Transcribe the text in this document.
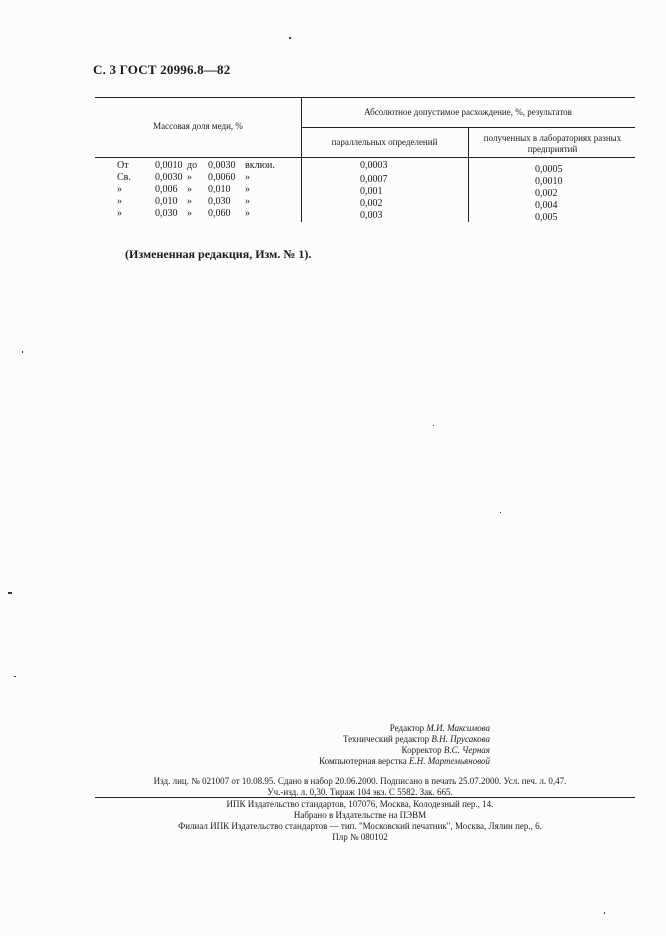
С. 3 ГОСТ 20996.8—82
Массовая доля меди, %
Абсолютное допустимое расхождение, %, результатов
параллельных определений	полученных в лабораториях разных предприятий
От	0,0010 до	0,0030 вклюи.	0,0003	0,0005
Св.	0,0030 »	0,0060 »	0,0007	0,0010
»	0,006 »	0,010	»	0,001	0,002
»	0,010 »	0,030	»	0,002	0,004
»	0,030 »	0,060	»	0,003	0,005
(Измененная редакция, Изм. № 1).
Редактор М.И. Максимова
Технический редактор В.Н. Прусакова
Корректор В.С. Черная
Компьютерная верстка Е.Н. Мартемьяновой
Изд. лиц. № 021007 от 10.08.95. Сдано в набор 20.06.2000. Подписано в печать 25.07.2000. Усл. печ. л. 0,47.
Уч.-изд. л. 0,30. Тираж 104 экз. С 5582. Зак. 665.
ИПК Издательство стандартов, 107076, Москва, Колодезный пер., 14.
Набрано в Издательстве на ПЭВМ
Филиал ИПК Издательство стандартов — тип. "Московский печатник", Москва, Лялин пер., 6.
Плр № 080102
